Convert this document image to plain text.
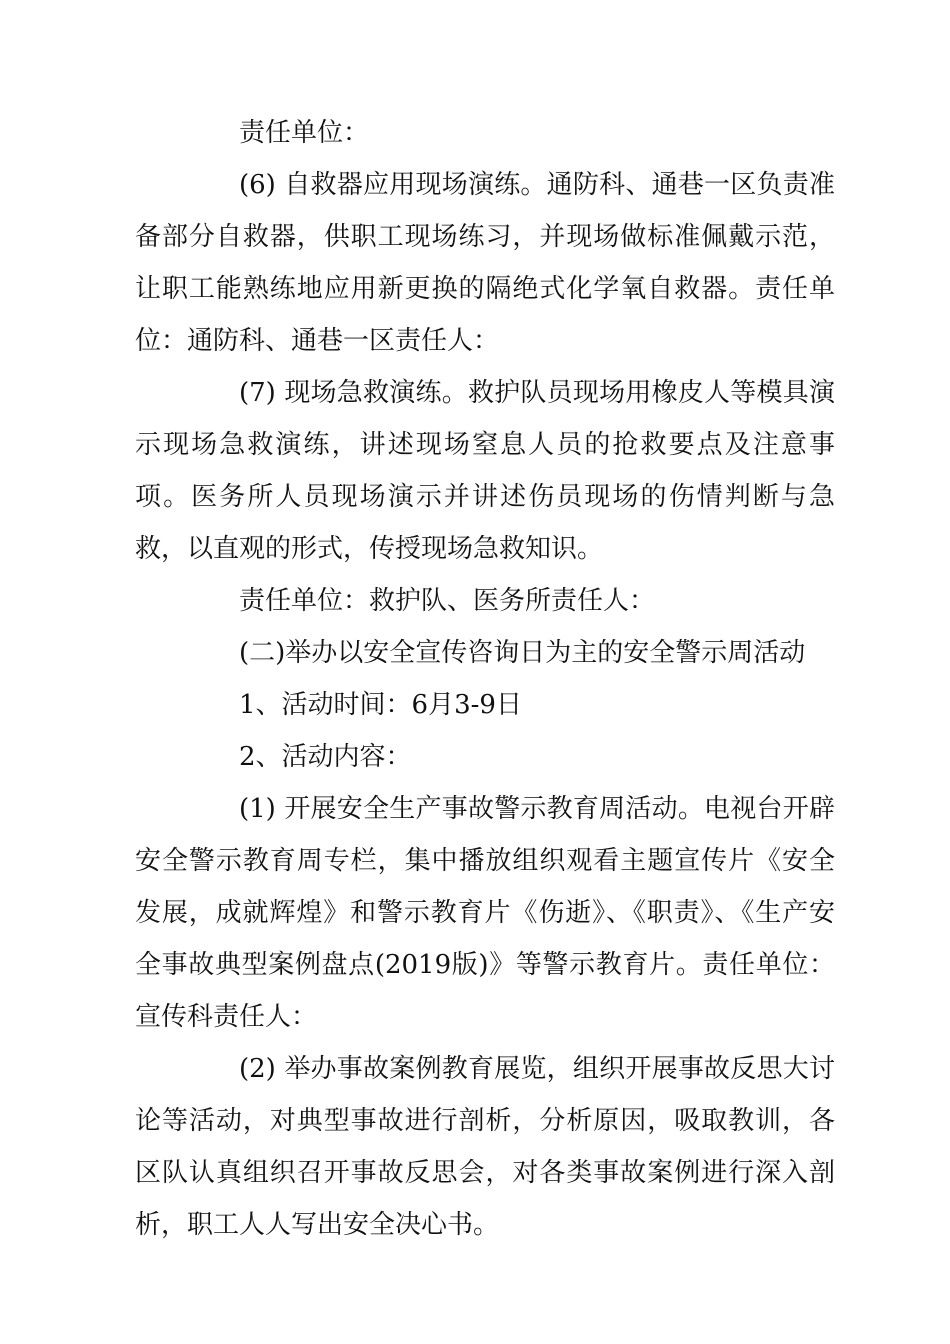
责任单位：

(6) 自救器应用现场演练。通防科、通巷一区负责准备部分自救器，供职工现场练习，并现场做标准佩戴示范，让职工能熟练地应用新更换的隔绝式化学氧自救器。责任单位：通防科、通巷一区责任人：

(7) 现场急救演练。救护队员现场用橡皮人等模具演示现场急救演练，讲述现场窒息人员的抢救要点及注意事项。医务所人员现场演示并讲述伤员现场的伤情判断与急救，以直观的形式，传授现场急救知识。

责任单位：救护队、医务所责任人：

(二)举办以安全宣传咨询日为主的安全警示周活动

1、活动时间：6月3-9日

2、活动内容：

(1) 开展安全生产事故警示教育周活动。电视台开辟安全警示教育周专栏，集中播放组织观看主题宣传片《安全发展，成就辉煌》和警示教育片《伤逝》、《职责》、《生产安全事故典型案例盘点(2019版)》等警示教育片。责任单位：宣传科责任人：

(2) 举办事故案例教育展览，组织开展事故反思大讨论等活动，对典型事故进行剖析，分析原因，吸取教训，各区队认真组织召开事故反思会，对各类事故案例进行深入剖析，职工人人写出安全决心书。
